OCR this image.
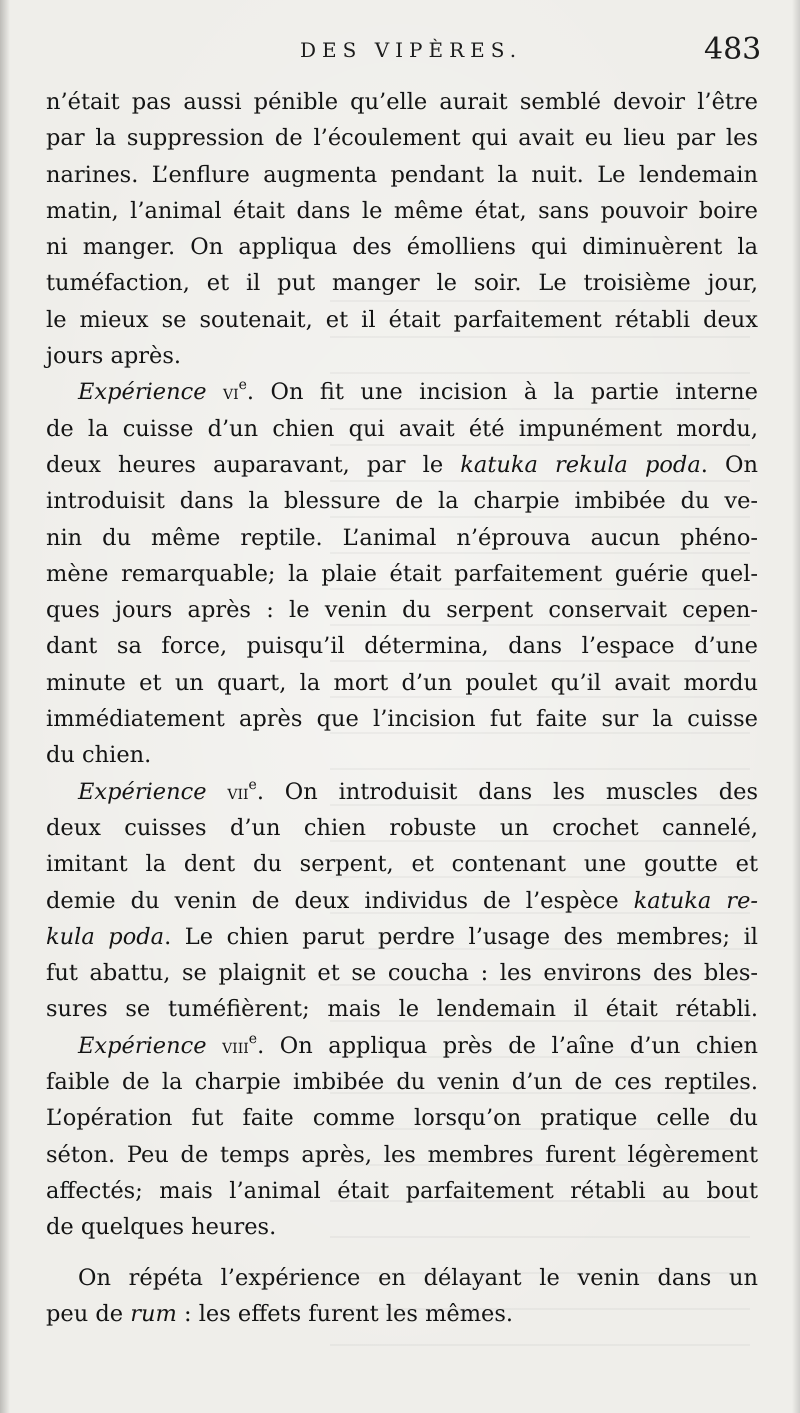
DES VIPÈRES.	483
n’était pas aussi pénible qu’elle aurait semblé devoir l’être
par la suppression de l’écoulement qui avait eu lieu par les
narines. L’enflure augmenta pendant la nuit. Le lendemain
matin, l’animal était dans le même état, sans pouvoir boire
ni manger. On appliqua des émolliens qui diminuèrent la
tuméfaction, et il put manger le soir. Le troisième jour,
le mieux se soutenait, et il était parfaitement rétabli deux
jours après.
Expérience $vi^e$. On fit une incision à la partie interne
de la cuisse d’un chien qui avait été impunément mordu,
deux heures auparavant, par le katuka rekula poda. On
introduisit dans la blessure de la charpie imbibée du ve-
nin du même reptile. L’animal n’éprouva aucun phéno-
mène remarquable; la plaie était parfaitement guérie quel-
ques jours après : le venin du serpent conservait cepen-
dant sa force, puisqu’il détermina, dans l’espace d’une
minute et un quart, la mort d’un poulet qu’il avait mordu
immédiatement après que l’incision fut faite sur la cuisse
du chien.
Expérience vii$^e$. On introduisit dans les muscles des
deux cuisses d’un chien robuste un crochet cannelé,
imitant la dent du serpent, et contenant une goutte et
demie du venin de deux individus de l’espèce katuka re-
kula poda. Le chien parut perdre l’usage des membres; il
fut abattu, se plaignit et se coucha : les environs des bles-
sures se tuméfièrent; mais le lendemain il était rétabli.
Expérience viii$^e$. On appliqua près de l’aîne d’un chien
faible de la charpie imbibée du venin d’un de ces reptiles.
L’opération fut faite comme lorsqu’on pratique celle du
séton. Peu de temps après, les membres furent légèrement
affectés; mais l’animal était parfaitement rétabli au bout
de quelques heures.
On répéta l’expérience en délayant le venin dans un
peu de rum : les effets furent les mêmes.
